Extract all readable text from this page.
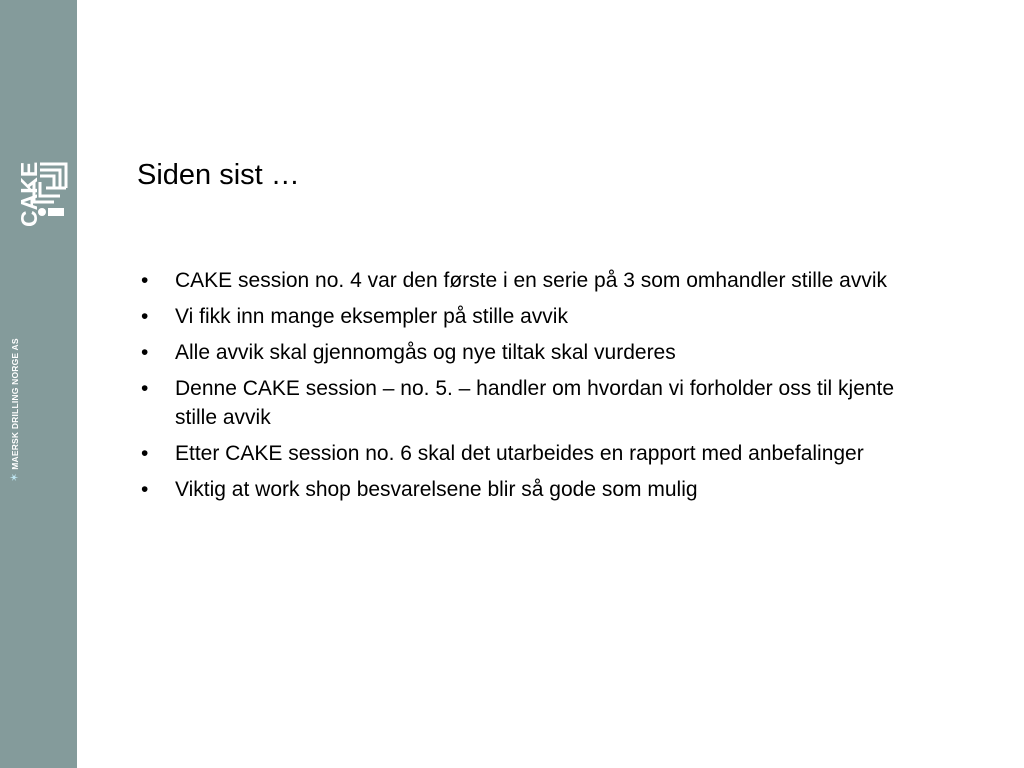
CAKE
✶
MAERSK DRILLING NORGE AS
Siden sist …
• CAKE session no. 4 var den første i en serie på 3 som omhandler stille avvik
• Vi fikk inn mange eksempler på stille avvik
• Alle avvik skal gjennomgås og nye tiltak skal vurderes
• Denne CAKE session – no. 5. – handler om hvordan vi forholder oss til kjente stille avvik
• Etter CAKE session no. 6 skal det utarbeides en rapport med anbefalinger
• Viktig at work shop besvarelsene blir så gode som mulig
